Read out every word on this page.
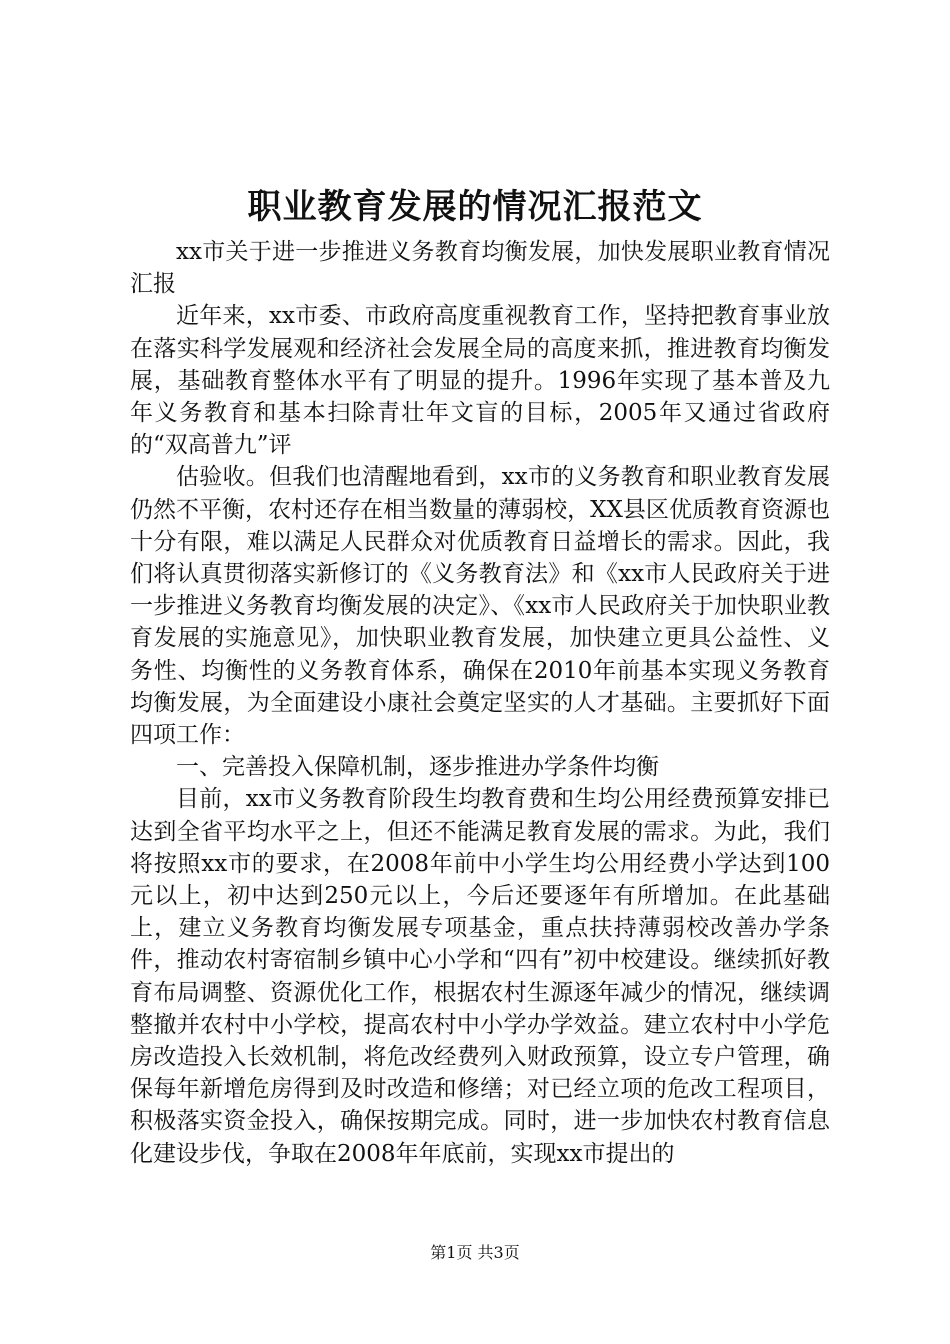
职业教育发展的情况汇报范文

xx市关于进一步推进义务教育均衡发展，加快发展职业教育情况汇报

近年来，xx市委、市政府高度重视教育工作，坚持把教育事业放在落实科学发展观和经济社会发展全局的高度来抓，推进教育均衡发展，基础教育整体水平有了明显的提升。1996年实现了基本普及九年义务教育和基本扫除青壮年文盲的目标，2005年又通过省政府的“双高普九”评

估验收。但我们也清醒地看到，xx市的义务教育和职业教育发展仍然不平衡，农村还存在相当数量的薄弱校，XX县区优质教育资源也十分有限，难以满足人民群众对优质教育日益增长的需求。因此，我们将认真贯彻落实新修订的《义务教育法》和《xx市人民政府关于进一步推进义务教育均衡发展的决定》、《xx市人民政府关于加快职业教育发展的实施意见》，加快职业教育发展，加快建立更具公益性、义务性、均衡性的义务教育体系，确保在2010年前基本实现义务教育均衡发展，为全面建设小康社会奠定坚实的人才基础。主要抓好下面四项工作：

一、完善投入保障机制，逐步推进办学条件均衡

目前，xx市义务教育阶段生均教育费和生均公用经费预算安排已达到全省平均水平之上，但还不能满足教育发展的需求。为此，我们将按照xx市的要求，在2008年前中小学生均公用经费小学达到100元以上，初中达到250元以上，今后还要逐年有所增加。在此基础上，建立义务教育均衡发展专项基金，重点扶持薄弱校改善办学条件，推动农村寄宿制乡镇中心小学和“四有”初中校建设。继续抓好教育布局调整、资源优化工作，根据农村生源逐年减少的情况，继续调整撤并农村中小学校，提高农村中小学办学效益。建立农村中小学危房改造投入长效机制，将危改经费列入财政预算，设立专户管理，确保每年新增危房得到及时改造和修缮；对已经立项的危改工程项目，积极落实资金投入，确保按期完成。同时，进一步加快农村教育信息化建设步伐，争取在2008年年底前，实现xx市提出的

第1页 共3页
